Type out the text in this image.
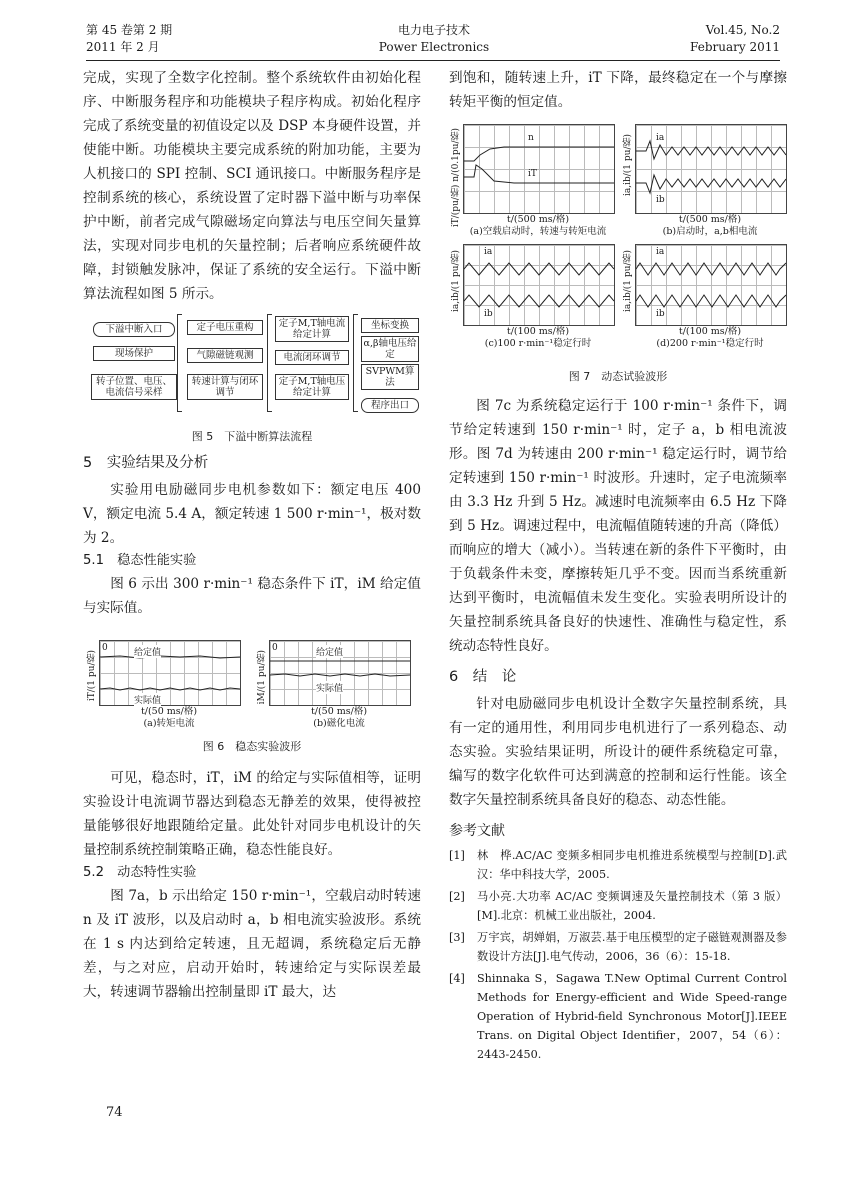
第 45 卷第 2 期
2011 年 2 月
电力电子技术
Power Electronics
Vol.45, No.2
February 2011

完成，实现了全数字化控制。整个系统软件由初始化程序、中断服务程序和功能模块子程序构成。初始化程序完成了系统变量的初值设定以及 DSP 本身硬件设置，并使能中断。功能模块主要完成系统的附加功能，主要为人机接口的 SPI 控制、SCI 通讯接口。中断服务程序是控制系统的核心，系统设置了定时器下溢中断与功率保护中断，前者完成气隙磁场定向算法与电压空间矢量算法，实现对同步电机的矢量控制；后者响应系统硬件故障，封锁触发脉冲，保证了系统的安全运行。下溢中断算法流程如图 5 所示。

下溢中断入口
现场保护
转子位置、电压、电流信号采样
定子电压重构
气隙磁链观测
转速计算与闭环调节
定子M,T轴电流给定计算
电流闭环调节
定子M,T轴电压给定计算
坐标变换
α,β轴电压给定
SVPWM算法
程序出口
图 5　下溢中断算法流程
5　实验结果及分析

实验用电励磁同步电机参数如下：额定电压 400 V，额定电流 5.4 A，额定转速 1 500 r·min⁻¹，极对数为 2。

5.1　稳态性能实验

图 6 示出 300 r·min⁻¹ 稳态条件下 iT，iM 给定值与实际值。

iT/(1 pu/格)
0	给定值
实际值
t/(50 ms/格)
(a)转矩电流
iM/(1 pu/格)
0	给定值
实际值
t/(50 ms/格)
(b)磁化电流
图 6　稳态实验波形

可见，稳态时，iT，iM 的给定与实际值相等，证明实验设计电流调节器达到稳态无静差的效果，使得被控量能够很好地跟随给定量。此处针对同步电机设计的矢量控制系统控制策略正确，稳态性能良好。

5.2　动态特性实验

图 7a，b 示出给定 150 r·min⁻¹，空载启动时转速 n 及 iT 波形，以及启动时 a，b 相电流实验波形。系统在 1 s 内达到给定转速，且无超调，系统稳定后无静差，与之对应，启动开始时，转速给定与实际误差最大，转速调节器输出控制量即 iT 最大，达

到饱和，随转速上升，iT 下降，最终稳定在一个与摩擦转矩平衡的恒定值。

iT/(pu/格) n/(0.1pu/格)	n
iT
t/(500 ms/格)
(a)空载启动时，转速与转矩电流
ia,ib/(1 pu/格)	ia
ib
t/(500 ms/格)
(b)启动时，a,b相电流
ia,ib/(1 pu/格)	ia
ib
t/(100 ms/格)
(c)100 r·min⁻¹稳定行时
ia,ib/(1 pu/格)	ia
ib
t/(100 ms/格)
(d)200 r·min⁻¹稳定行时
图 7　动态试验波形

图 7c 为系统稳定运行于 100 r·min⁻¹ 条件下，调节给定转速到 150 r·min⁻¹ 时，定子 a，b 相电流波形。图 7d 为转速由 200 r·min⁻¹ 稳定运行时，调节给定转速到 150 r·min⁻¹ 时波形。升速时，定子电流频率由 3.3 Hz 升到 5 Hz。减速时电流频率由 6.5 Hz 下降到 5 Hz。调速过程中，电流幅值随转速的升高（降低）而响应的增大（减小）。当转速在新的条件下平衡时，由于负载条件未变，摩擦转矩几乎不变。因而当系统重新达到平衡时，电流幅值未发生变化。实验表明所设计的矢量控制系统具备良好的快速性、准确性与稳定性，系统动态特性良好。

6　结　论

针对电励磁同步电机设计全数字矢量控制系统，具有一定的通用性，利用同步电机进行了一系列稳态、动态实验。实验结果证明，所设计的硬件系统稳定可靠，编写的数字化软件可达到满意的控制和运行性能。该全数字矢量控制系统具备良好的稳态、动态性能。

参考文献
[1]	林　桦.AC/AC 变频多相同步电机推进系统模型与控制[D].武汉：华中科技大学，2005.
[2]	马小亮.大功率 AC/AC 变频调速及矢量控制技术（第 3 版）[M].北京：机械工业出版社，2004.
[3]	万宇宾，胡婵娟，万淑芸.基于电压模型的定子磁链观测器及参数设计方法[J].电气传动，2006，36（6）：15-18.
[4]	Shinnaka S，Sagawa T.New Optimal Current Control Methods for Energy-efficient and Wide Speed-range Operation of Hybrid-field Synchronous Motor[J].IEEE Trans. on Digital Object Identifier，2007，54（6）：2443-2450.
74
